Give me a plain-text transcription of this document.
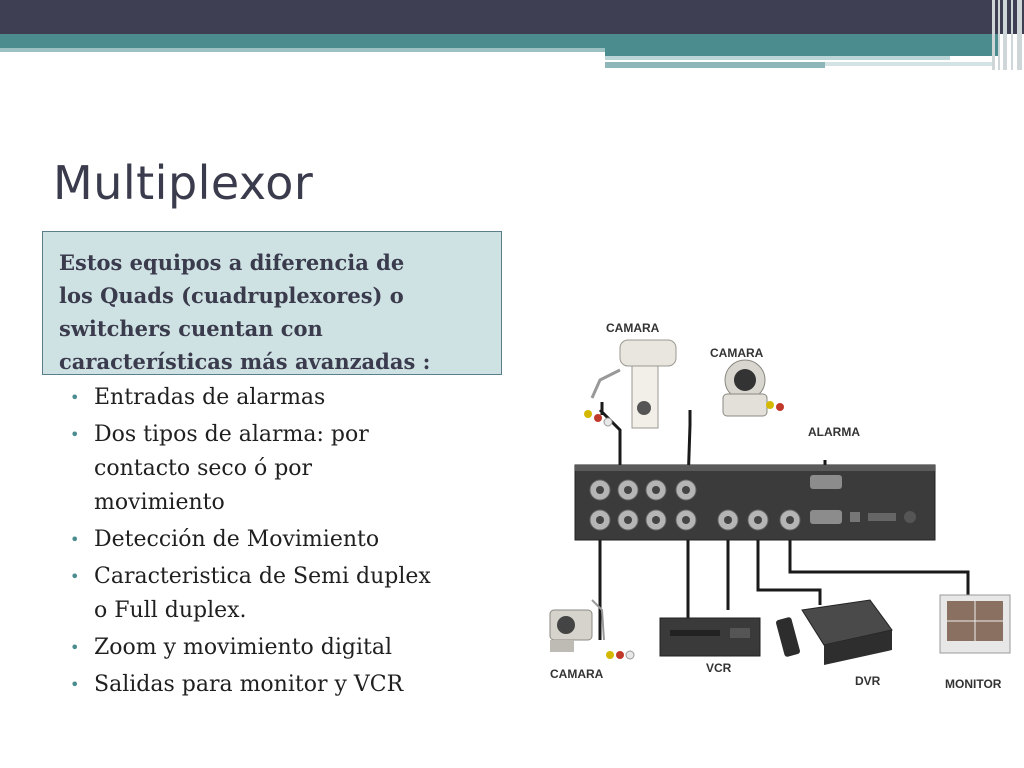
Multiplexor

Estos equipos a diferencia de
los Quads (cuadruplexores) o
switchers cuentan con
características más avanzadas :

• Entradas de alarmas
• Dos tipos de alarma: por
contacto seco ó por
movimiento
• Detección de Movimiento
• Caracteristica de Semi duplex
o Full duplex.
• Zoom y movimiento digital
• Salidas para monitor y VCR
CAMARA
CAMARA
ALARMA
CAMARA	VCR
DVR	MONITOR
